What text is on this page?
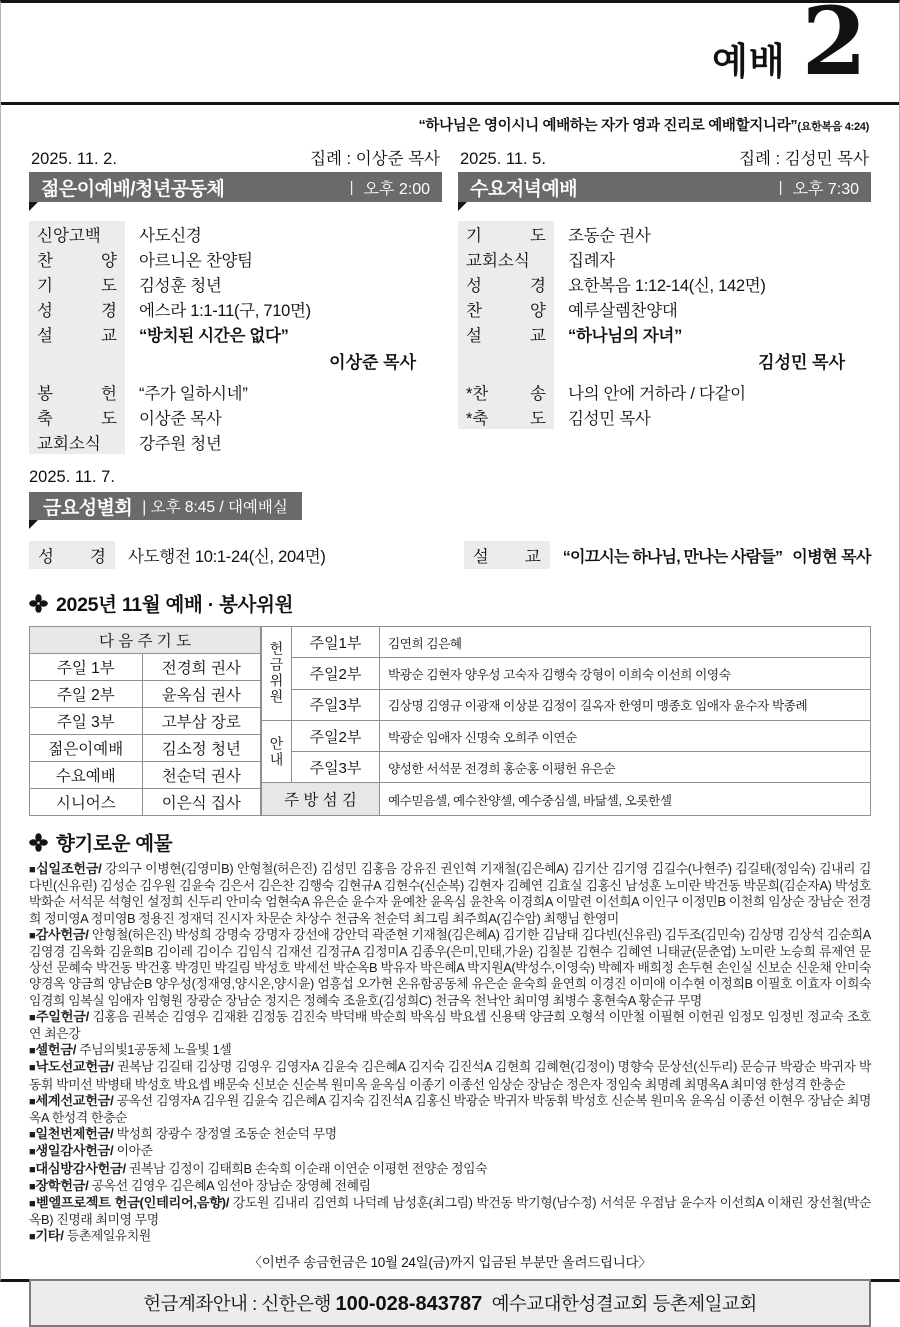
예배 2
“하나님은 영이시니 예배하는 자가 영과 진리로 예배할지니라”(요한복음 4:24)
2025. 11. 2.	집례 : 이상준 목사
젊은이예배/청년공동체	| 오후 2:00
신앙고백	사도신경
찬 양	아르니온 찬양팀
기 도	김성훈 청년
성 경	에스라 1:1-11(구, 710면)
설 교	“방치된 시간은 없다”
이상준 목사
봉 헌	“주가 일하시네”
축 도	이상준 목사
교회소식	강주원 청년
2025. 11. 5.	집례 : 김성민 목사
수요저녁예배	| 오후 7:30
기 도	조동순 권사
교회소식	집례자
성 경	요한복음 1:12-14(신, 142면)
찬 양	예루살렘찬양대
설 교	“하나님의 자녀”
김성민 목사
*찬 송	나의 안에 거하라 / 다같이
*축 도	김성민 목사
2025. 11. 7.
금요성별회 | 오후 8:45 / 대예배실
성 경	사도행전 10:1-24(신, 204면)	설 교	“이끄시는 하나님, 만나는 사람들” 이병현 목사
2025년 11월 예배 · 봉사위원
다 음 주 기 도	
주일 1부	전경희 권사
주일 2부	윤옥심 권사
주일 3부	고부삼 장로
젊은이예배	김소정 청년
수요예배	천순덕 권사
시니어스	이은식 집사
헌금위원	주일1부	김연희 김은혜
	주일2부	박광순 김현자 양우성 고숙자 김행숙 강형이 이희숙 이선희 이영숙
	주일3부	김상명 김영규 이광재 이상분 김정이 길옥자 한영미 맹종호 임애자 윤수자 박종례
안내	주일2부	박광순 임애자 신명숙 오희주 이연순
	주일3부	양성한 서석문 전경희 홍순홍 이평헌 유은순
주 방 섬 김		예수믿음셀, 예수찬양셀, 예수중심셀, 바닮셀, 오롯한셀
향기로운 예물
■ 십일조헌금 / 강의구 이병현(김영미B) 안형철(허은진) 김성민 김홍음 강유진 권인혁 기재철(김은혜A) 김기산 김기영 김길수(나현주) 김길태(정임숙) 김내리 김다빈(신유린) 김성순 김우원 김윤숙 김은서 김은찬 김행숙 김현규A 김현수(신순복) 김현자 김혜연 김효실 김홍신 남성훈 노미란 박건동 박문희(김순자A) 박성호 박화순 서석문 석형인 설정희 신두리 안미숙 엄현숙A 유은순 윤수자 윤예찬 윤옥심 윤찬옥 이경희A 이말련 이선희A 이인구 이정민B 이천희 임상순 장남순 전경희 정미영A 정미영B 정용진 정재덕 진시자 차문순 차상수 천금옥 천순덕 최그림 최주희A(김수암) 최행님 한영미
■ 감사헌금 / 안형철(허은진) 박성희 강명숙 강명자 강선애 강안덕 곽준현 기재철(김은혜A) 김기한 김남태 김다빈(신유린) 김두조(김민숙) 김상명 김상석 김순희A 김영경 김옥화 김윤희B 김이레 김이수 김임식 김재선 김정규A 김정미A 김종우(은미,민태,가윤) 김칠분 김현수 김혜연 니태균(문춘엽) 노미란 노승희 류제연 문상선 문혜숙 박건동 박건홍 박경민 박길림 박성호 박세선 박순옥B 박유자 박은혜A 박지원A(박성수,이영숙) 박혜자 배희정 손두현 손인실 신보순 신운채 안미숙 양경옥 양금희 양남순B 양우성(정재영,양시온,양시윤) 엄흥섭 오가현 온유함공동체 유은순 윤숙희 윤연희 이경진 이미애 이수현 이정희B 이필호 이효자 이희숙 임경희 임복실 임애자 임형원 장광순 장남순 정지은 정혜숙 조윤호(김성희C) 천금옥 천낙안 최미영 최병수 홍현숙A 황순규 무명
■ 주일헌금 / 김홍음 권복순 김영우 김재환 김정동 김진숙 박덕배 박순희 박옥심 박요셉 신용택 양금희 오형석 이만철 이필현 이헌권 임정모 임정빈 정교숙 조호연 최은강
■ 셀헌금 / 주님의빛1공동체 노을빛 1셀
■ 낙도선교헌금 / 권복남 김길태 김상명 김영우 김영자A 김윤숙 김은혜A 김지숙 김진석A 김현희 김혜현(김정이) 명향숙 문상선(신두리) 문승규 박광순 박귀자 박동휘 박미선 박병태 박성호 박요셉 배문숙 신보순 신순복 원미옥 윤옥심 이종기 이종선 임상순 장남순 정은자 정임숙 최명례 최명옥A 최미영 한성격 한충순
■ 세계선교헌금 / 공옥선 김영자A 김우원 김윤숙 김은혜A 김지숙 김진석A 김홍신 박광순 박귀자 박동휘 박성호 신순복 원미옥 윤옥심 이종선 이현우 장남순 최명옥A 한성격 한충순
■ 일천번제헌금 / 박성희 장광수 장정열 조동순 천순덕 무명
■ 생일감사헌금 / 이아준
■ 대심방감사헌금 / 권복남 김정이 김태희B 손숙희 이순래 이연순 이평헌 전양순 정임숙
■ 장학헌금 / 공옥선 김영우 김은혜A 임선아 장남순 장영혜 전혜림
■ 벧엘프로젝트 헌금(인테리어,음향) / 강도원 김내리 김연희 나덕례 남성훈(최그림) 박건동 박기형(남수정) 서석문 우점남 윤수자 이선희A 이채린 장선철(박순옥B) 진명래 최미영 무명
■ 기타 / 등촌제일유치원
〈이번주 송금헌금은 10월 24일(금)까지 입금된 부분만 올려드립니다〉
헌금계좌안내 : 신한은행 100-028-843787 예수교대한성결교회 등촌제일교회
